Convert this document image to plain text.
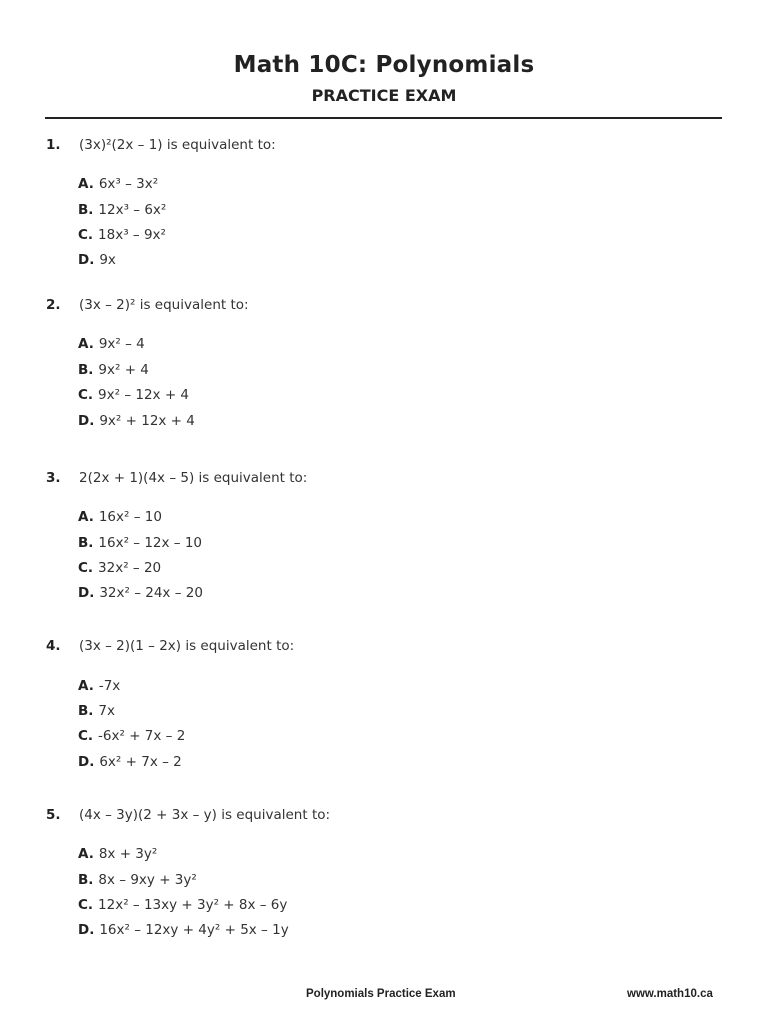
Math 10C: Polynomials
PRACTICE EXAM
1. (3x)²(2x – 1) is equivalent to:
A. 6x³ – 3x²
B. 12x³ – 6x²
C. 18x³ – 9x²
D. 9x
2. (3x – 2)² is equivalent to:
A. 9x² – 4
B. 9x² + 4
C. 9x² – 12x + 4
D. 9x² + 12x + 4
3. 2(2x + 1)(4x – 5) is equivalent to:
A. 16x² – 10
B. 16x² – 12x – 10
C. 32x² – 20
D. 32x² – 24x – 20
4. (3x – 2)(1 – 2x) is equivalent to:
A. -7x
B. 7x
C. -6x² + 7x – 2
D. 6x² + 7x – 2
5. (4x – 3y)(2 + 3x – y) is equivalent to:
A. 8x + 3y²
B. 8x – 9xy + 3y²
C. 12x² – 13xy + 3y² + 8x – 6y
D. 16x² – 12xy + 4y² + 5x – 1y
Polynomials Practice Exam	www.math10.ca
